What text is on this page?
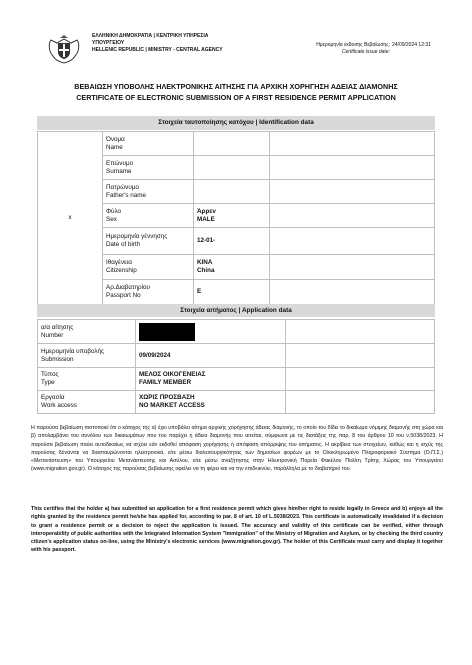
ΕΛΛΗΝΙΚΗ ΔΗΜΟΚΡΑΤΙΑ | ΚΕΝΤΡΙΚΗ ΥΠΗΡΕΣΙΑ
ΥΠΟΥΡΓΕΙΟΥ
HELLENIC REPUBLIC | MINISTRY - CENTRAL AGENCY
Ημερομηνία έκδοσης Βεβαίωσης: 24/09/2024 12:31
Certificate issue date:
ΒΕΒΑΙΩΣΗ ΥΠΟΒΟΛΗΣ ΗΛΕΚΤΡΟΝΙΚΗΣ ΑΙΤΗΣΗΣ ΓΙΑ ΑΡΧΙΚΗ ΧΟΡΗΓΗΣΗ ΑΔΕΙΑΣ ΔΙΑΜΟΝΗΣ
CERTIFICATE OF ELECTRONIC SUBMISSION OF A FIRST RESIDENCE PERMIT APPLICATION
Στοιχεία ταυτοποίησης κατόχου | Identification data
x	Όνομα
Name		

	Επώνυμο
Surname		

	Πατρώνυμο
Father's name		

	Φύλο
Sex	Άρρεν
MALE	

	Ημερομηνία γέννησης
Date of birth	12-01-	

	Ιθαγένεια
Citizenship	KINA
China	

	Αρ.Διαβατηρίου
Passport No	E	
Στοιχεία αιτήματος | Application data
α/α αίτησης
Number		

Ημερομηνία υποβολής
Submission	09/09/2024	

Τύπος
Type	ΜΕΛΟΣ ΟΙΚΟΓΕΝΕΙΑΣ
FAMILY MEMBER	

Εργασία
Work access	ΧΩΡΙΣ ΠΡΟΣΒΑΣΗ
NO MARKET ACCESS	

Η παρούσα βεβαίωση πιστοποιεί ότι ο κάτοχος της α) έχει υποβάλει αίτημα αρχικής χορήγησης άδειας διαμονής, το οποίο του δίδει το δικαίωμα νόμιμης διαμονής στη χώρα και β) απολαμβάνει του συνόλου των δικαιωμάτων που του παρέχει η άδεια διαμονής που αιτείται, σύμφωνα με τις διατάξεις της παρ. 8 του άρθρου 10 του ν.5038/2023. Η παρούσα βεβαίωση παύει αυτοδικαίως να ισχύει εάν εκδοθεί απόφαση χορήγησης ή απόφαση απόρριψης του αιτήματος. Η ακρίβεια των στοιχείων, καθώς και η ισχύς της παρούσας δύνανται να διασταυρώνονται ηλεκτρονικά, είτε μέσω διαλειτουργικότητας των δημοσίων φορέων με το Ολοκληρωμένο Πληροφοριακό Σύστημα (Ο.Π.Σ.) «Μετανάστευση» του Υπουργείου Μετανάστευσης και Ασύλου, είτε μέσω αναζήτησης στην Ηλεκτρονική Πορεία Φακέλου Πολίτη Τρίτης Χώρας του Υπουργείου (www.migration.gov.gr). Ο κάτοχος της παρούσας βεβαίωσης οφείλει να τη φέρει και να την επιδεικνύει, παράλληλα με το διαβατήριό του.
This certifies that the holder a) has submitted an application for a first residence permit which gives him/her right to reside legally in Greece and b) enjoys all the rights granted by the residence permit he/she has applied for, according to par. 8 of art. 10 of L.5038/2023. This certificate is automatically invalidated if a decision to grant a residence permit or a decision to reject the application is issued. The accuracy and validity of this certificate can be verified, either through interoperability of public authorities with the Integrated Information System "Immigration" of the Ministry of Migration and Asylum, or by checking the third country citizen's application status on-line, using the Ministry's electronic services (www.migration.gov.gr). The holder of this Certificate must carry and display it together with his passport.
